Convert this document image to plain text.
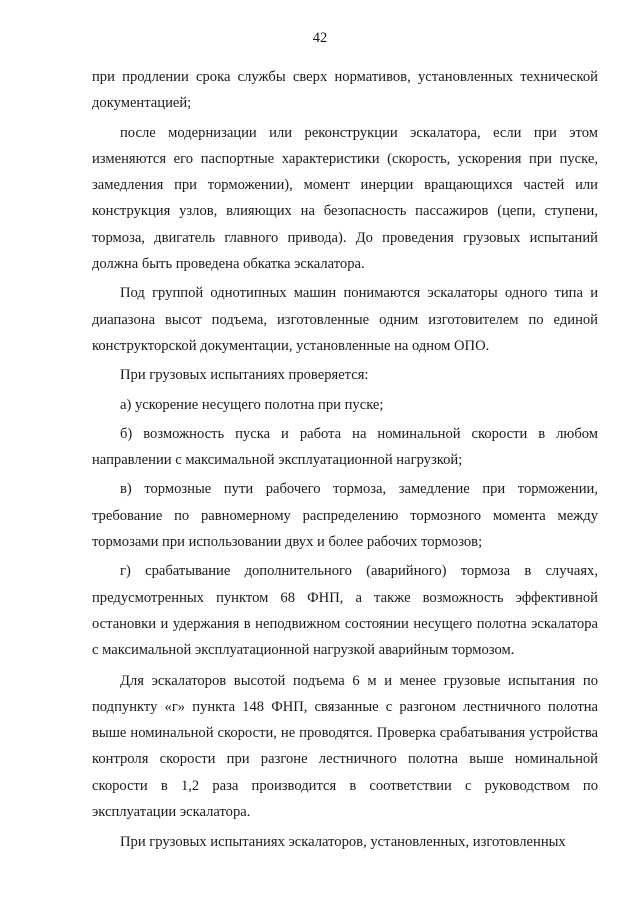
42

при продлении срока службы сверх нормативов, установленных технической документацией;

после модернизации или реконструкции эскалатора, если при этом изменяются его паспортные характеристики (скорость, ускорения при пуске, замедления при торможении), момент инерции вращающихся частей или конструкция узлов, влияющих на безопасность пассажиров (цепи, ступени, тормоза, двигатель главного привода). До проведения грузовых испытаний должна быть проведена обкатка эскалатора.

Под группой однотипных машин понимаются эскалаторы одного типа и диапазона высот подъема, изготовленные одним изготовителем по единой конструкторской документации, установленные на одном ОПО.

При грузовых испытаниях проверяется:

а) ускорение несущего полотна при пуске;

б) возможность пуска и работа на номинальной скорости в любом направлении с максимальной эксплуатационной нагрузкой;

в) тормозные пути рабочего тормоза, замедление при торможении, требование по равномерному распределению тормозного момента между тормозами при использовании двух и более рабочих тормозов;

г) срабатывание дополнительного (аварийного) тормоза в случаях, предусмотренных пунктом 68 ФНП, а также возможность эффективной остановки и удержания в неподвижном состоянии несущего полотна эскалатора с максимальной эксплуатационной нагрузкой аварийным тормозом.

Для эскалаторов высотой подъема 6 м и менее грузовые испытания по подпункту «г» пункта 148 ФНП, связанные с разгоном лестничного полотна выше номинальной скорости, не проводятся. Проверка срабатывания устройства контроля скорости при разгоне лестничного полотна выше номинальной скорости в 1,2 раза производится в соответствии с руководством по эксплуатации эскалатора.

При грузовых испытаниях эскалаторов, установленных, изготовленных
